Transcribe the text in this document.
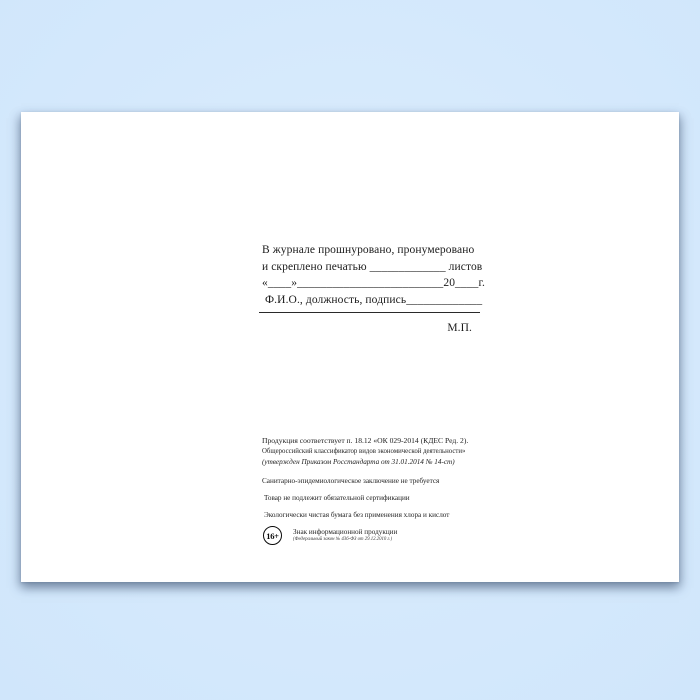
В журнале прошнуровано, пронумеровано
и скреплено печатью _____________ листов
«____»_________________________20____г.
Ф.И.О., должность, подпись_____________
М.П.
Продукция соответствует п. 18.12 «ОК 029-2014 (КДЕС Ред. 2).
Общероссийский классификатор видов экономической деятельности»
(утвержден Приказом Росстандарта от 31.01.2014 № 14-ст)
Санитарно-эпидемиологическое заключение не требуется
Товар не подлежит обязательной сертификации
Экологически чистая бумага без применения хлора и кислот
16+	Знак информационной продукции
(Федеральный закон № 436-ФЗ от 29.12.2010 г.)
